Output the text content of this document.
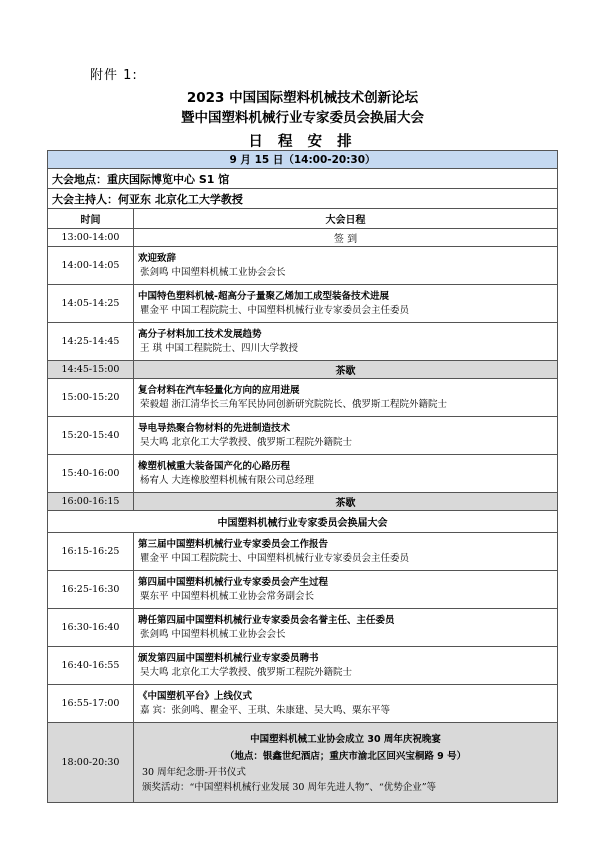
附件 1:
2023 中国国际塑料机械技术创新论坛
暨中国塑料机械行业专家委员会换届大会
日 程 安 排
9 月 15 日（14:00-20:30）	
大会地点：重庆国际博览中心 S1 馆	
大会主持人：何亚东 北京化工大学教授	
时间	大会日程
13:00-14:00	签 到
14:00-14:05	欢迎致辞
张剑鸣 中国塑料机械工业协会会长

14:05-14:25	中国特色塑料机械-超高分子量聚乙烯加工成型装备技术进展
瞿金平 中国工程院院士、中国塑料机械行业专家委员会主任委员

14:25-14:45	高分子材料加工技术发展趋势
王 琪 中国工程院院士、四川大学教授

14:45-15:00	茶歇
15:00-15:20	复合材料在汽车轻量化方向的应用进展
荣毅超 浙江清华长三角军民协同创新研究院院长、俄罗斯工程院外籍院士

15:20-15:40	导电导热聚合物材料的先进制造技术
吴大鸣 北京化工大学教授、俄罗斯工程院外籍院士

15:40-16:00	橡塑机械重大装备国产化的心路历程
杨宥人 大连橡胶塑料机械有限公司总经理

16:00-16:15	茶歇
中国塑料机械行业专家委员会换届大会	
16:15-16:25	第三届中国塑料机械行业专家委员会工作报告
瞿金平 中国工程院院士、中国塑料机械行业专家委员会主任委员

16:25-16:30	第四届中国塑料机械行业专家委员会产生过程
粟东平 中国塑料机械工业协会常务副会长

16:30-16:40	聘任第四届中国塑料机械行业专家委员会名誉主任、主任委员
张剑鸣 中国塑料机械工业协会会长

16:40-16:55	颁发第四届中国塑料机械行业专家委员聘书
吴大鸣 北京化工大学教授、俄罗斯工程院外籍院士

16:55-17:00	《中国塑机平台》上线仪式
嘉 宾：张剑鸣、瞿金平、王琪、朱康建、吴大鸣、粟东平等

18:00-20:30	中国塑料机械工业协会成立 30 周年庆祝晚宴
（地点：银鑫世纪酒店；重庆市渝北区回兴宝桐路 9 号）
30 周年纪念册-开书仪式
颁奖活动：“中国塑料机械行业发展 30 周年先进人物”、“优势企业”等
